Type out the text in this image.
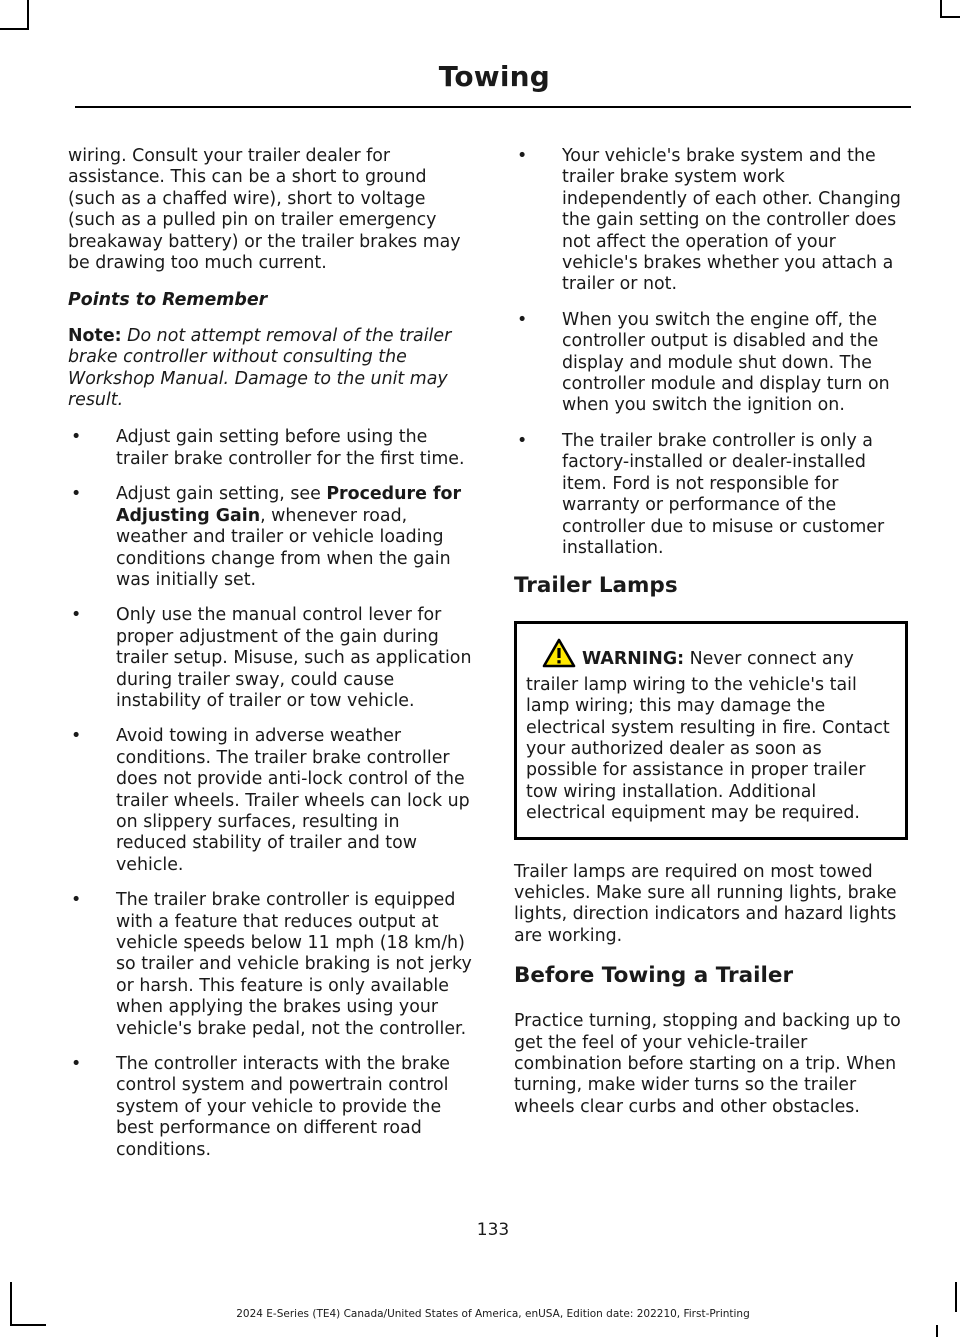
Towing

wiring. Consult your trailer dealer for assistance. This can be a short to ground (such as a chaffed wire), short to voltage (such as a pulled pin on trailer emergency breakaway battery) or the trailer brakes may be drawing too much current.

Points to Remember

Note: Do not attempt removal of the trailer brake controller without consulting the Workshop Manual. Damage to the unit may result.

• Adjust gain setting before using the trailer brake controller for the first time.
• Adjust gain setting, see Procedure for Adjusting Gain, whenever road, weather and trailer or vehicle loading conditions change from when the gain was initially set.
• Only use the manual control lever for proper adjustment of the gain during trailer setup. Misuse, such as application during trailer sway, could cause instability of trailer or tow vehicle.
• Avoid towing in adverse weather conditions. The trailer brake controller does not provide anti-lock control of the trailer wheels. Trailer wheels can lock up on slippery surfaces, resulting in reduced stability of trailer and tow vehicle.
• The trailer brake controller is equipped with a feature that reduces output at vehicle speeds below 11 mph (18 km/h) so trailer and vehicle braking is not jerky or harsh. This feature is only available when applying the brakes using your vehicle's brake pedal, not the controller.
• The controller interacts with the brake control system and powertrain control system of your vehicle to provide the best performance on different road conditions.
• Your vehicle's brake system and the trailer brake system work independently of each other. Changing the gain setting on the controller does not affect the operation of your vehicle's brakes whether you attach a trailer or not.
• When you switch the engine off, the controller output is disabled and the display and module shut down. The controller module and display turn on when you switch the ignition on.
• The trailer brake controller is only a factory-installed or dealer-installed item. Ford is not responsible for warranty or performance of the controller due to misuse or customer installation.
Trailer Lamps
WARNING: Never connect any trailer lamp wiring to the vehicle's tail lamp wiring; this may damage the electrical system resulting in fire. Contact your authorized dealer as soon as possible for assistance in proper trailer tow wiring installation. Additional electrical equipment may be required.

Trailer lamps are required on most towed vehicles. Make sure all running lights, brake lights, direction indicators and hazard lights are working.

Before Towing a Trailer

Practice turning, stopping and backing up to get the feel of your vehicle-trailer combination before starting on a trip. When turning, make wider turns so the trailer wheels clear curbs and other obstacles.

133
2024 E-Series (TE4) Canada/United States of America, enUSA, Edition date: 202210, First-Printing
